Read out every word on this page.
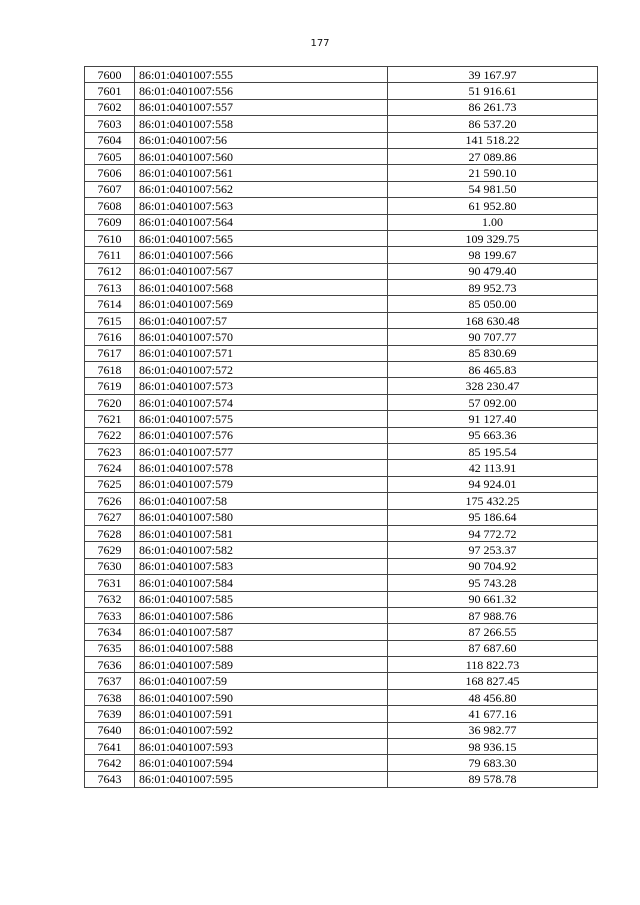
177
7600	86:01:0401007:555	39 167.97
7601	86:01:0401007:556	51 916.61
7602	86:01:0401007:557	86 261.73
7603	86:01:0401007:558	86 537.20
7604	86:01:0401007:56	141 518.22
7605	86:01:0401007:560	27 089.86
7606	86:01:0401007:561	21 590.10
7607	86:01:0401007:562	54 981.50
7608	86:01:0401007:563	61 952.80
7609	86:01:0401007:564	1.00
7610	86:01:0401007:565	109 329.75
7611	86:01:0401007:566	98 199.67
7612	86:01:0401007:567	90 479.40
7613	86:01:0401007:568	89 952.73
7614	86:01:0401007:569	85 050.00
7615	86:01:0401007:57	168 630.48
7616	86:01:0401007:570	90 707.77
7617	86:01:0401007:571	85 830.69
7618	86:01:0401007:572	86 465.83
7619	86:01:0401007:573	328 230.47
7620	86:01:0401007:574	57 092.00
7621	86:01:0401007:575	91 127.40
7622	86:01:0401007:576	95 663.36
7623	86:01:0401007:577	85 195.54
7624	86:01:0401007:578	42 113.91
7625	86:01:0401007:579	94 924.01
7626	86:01:0401007:58	175 432.25
7627	86:01:0401007:580	95 186.64
7628	86:01:0401007:581	94 772.72
7629	86:01:0401007:582	97 253.37
7630	86:01:0401007:583	90 704.92
7631	86:01:0401007:584	95 743.28
7632	86:01:0401007:585	90 661.32
7633	86:01:0401007:586	87 988.76
7634	86:01:0401007:587	87 266.55
7635	86:01:0401007:588	87 687.60
7636	86:01:0401007:589	118 822.73
7637	86:01:0401007:59	168 827.45
7638	86:01:0401007:590	48 456.80
7639	86:01:0401007:591	41 677.16
7640	86:01:0401007:592	36 982.77
7641	86:01:0401007:593	98 936.15
7642	86:01:0401007:594	79 683.30
7643	86:01:0401007:595	89 578.78
